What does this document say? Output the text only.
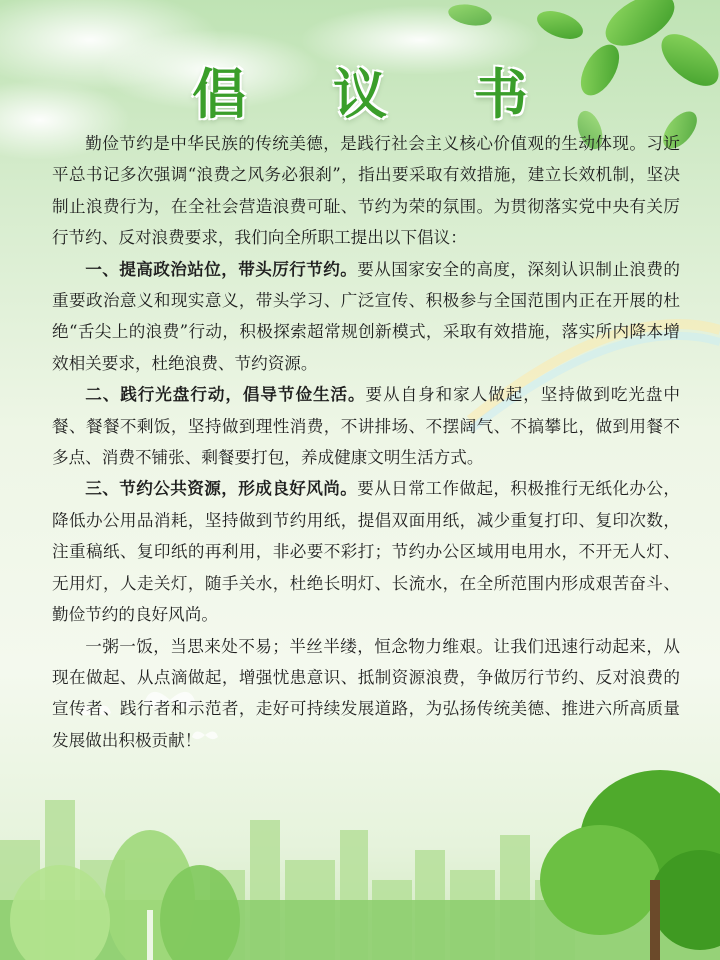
倡 议 书

勤俭节约是中华民族的传统美德，是践行社会主义核心价值观的生动体现。习近平总书记多次强调“浪费之风务必狠刹”，指出要采取有效措施，建立长效机制，坚决制止浪费行为，在全社会营造浪费可耻、节约为荣的氛围。为贯彻落实党中央有关厉行节约、反对浪费要求，我们向全所职工提出以下倡议：

一、提高政治站位，带头厉行节约。要从国家安全的高度，深刻认识制止浪费的重要政治意义和现实意义，带头学习、广泛宣传、积极参与全国范围内正在开展的杜绝“舌尖上的浪费”行动，积极探索超常规创新模式，采取有效措施，落实所内降本增效相关要求，杜绝浪费、节约资源。

二、践行光盘行动，倡导节俭生活。要从自身和家人做起，坚持做到吃光盘中餐、餐餐不剩饭，坚持做到理性消费，不讲排场、不摆阔气、不搞攀比，做到用餐不多点、消费不铺张、剩餐要打包，养成健康文明生活方式。

三、节约公共资源，形成良好风尚。要从日常工作做起，积极推行无纸化办公，降低办公用品消耗，坚持做到节约用纸，提倡双面用纸，减少重复打印、复印次数，注重稿纸、复印纸的再利用，非必要不彩打；节约办公区域用电用水，不开无人灯、无用灯，人走关灯，随手关水，杜绝长明灯、长流水，在全所范围内形成艰苦奋斗、勤俭节约的良好风尚。

一粥一饭，当思来处不易；半丝半缕，恒念物力维艰。让我们迅速行动起来，从现在做起、从点滴做起，增强忧患意识、抵制资源浪费，争做厉行节约、反对浪费的宣传者、践行者和示范者，走好可持续发展道路，为弘扬传统美德、推进六所高质量发展做出积极贡献！
